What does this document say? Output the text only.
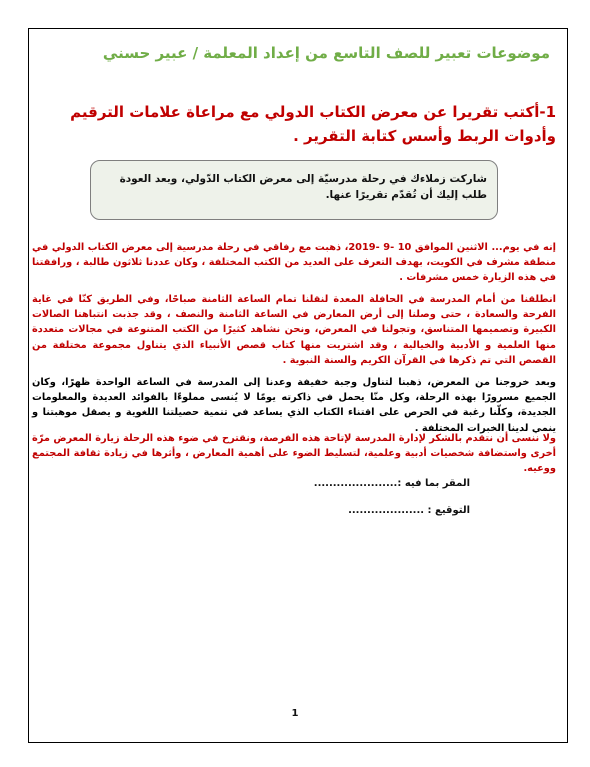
موضوعات تعبير للصف التاسع من إعداد المعلمة / عبير حسني
1-أكتب تقريرا عن معرض الكتاب الدولي مع مراعاة علامات الترقيم وأدوات الربط وأسس كتابة التقرير .
شاركت زملاءك في رحلة مدرسيّة إلى معرض الكتاب الدّولي، وبعد العودة طلب إليك أن تُقدّم تقريرًا عنها.
إنه في يوم... الاثنين الموافق 10 -9 -2019، ذهبت مع رفاقي في رحلة مدرسية إلى معرض الكتاب الدولي في منطقة مشرف في الكويت، بهدف التعرف على العديد من الكتب المختلفة ، وكان عددنا ثلاثون طالبة ، ورافقتنا في هذه الزيارة خمس مشرفات .
انطلقنا من أمام المدرسة في الحافلة المعدة لنقلنا تمام الساعة الثامنة صباحًا، وفي الطريق كنّا في غاية الفرحة والسعادة ، حتى وصلنا إلى أرض المعارض في الساعة الثامنة والنصف ، وقد جذبت انتباهنا الصالات الكبيرة وتصميمها المتناسق، وتجولنا في المعرض، ونحن نشاهد كثيرًا من الكتب المتنوعة في مجالات متعددة منها العلمية و الأدبية والخيالية ، وقد اشتريت منها كتاب قصص الأنبياء الذي يتناول مجموعة مختلفة من القصص التي تم ذكرها في القرآن الكريم والسنة النبوية .
وبعد خروجنا من المعرض، ذهبنا لتناول وجبة خفيفة وعدنا إلى المدرسة في الساعة الواحدة ظهرًا، وكان الجميع مسرورًا بهذه الرحلة، وكل منّا يحمل في ذاكرته يومًا لا يُنسى مملوءًا بالفوائد العديدة والمعلومات الجديدة، وكلّنا رغبة في الحرص على اقتناء الكتاب الذي يساعد في تنمية حصيلتنا اللغوية و يصقل موهبتنا و ينمي لدينا الخبرات المختلفة .
ولا ننسى أن نتقدم بالشكر لإدارة المدرسة لإتاحة هذه الفرصة، ونقترح في ضوء هذه الرحلة زيارة المعرض مرّة أخرى واستضافة شخصيات أدبية وعلمية، لتسليط الضوء على أهمية المعارض ، وأثرها في زيادة ثقافة المجتمع ووعيه.
المقر بما فيه :......................
التوقيع : ....................
1
